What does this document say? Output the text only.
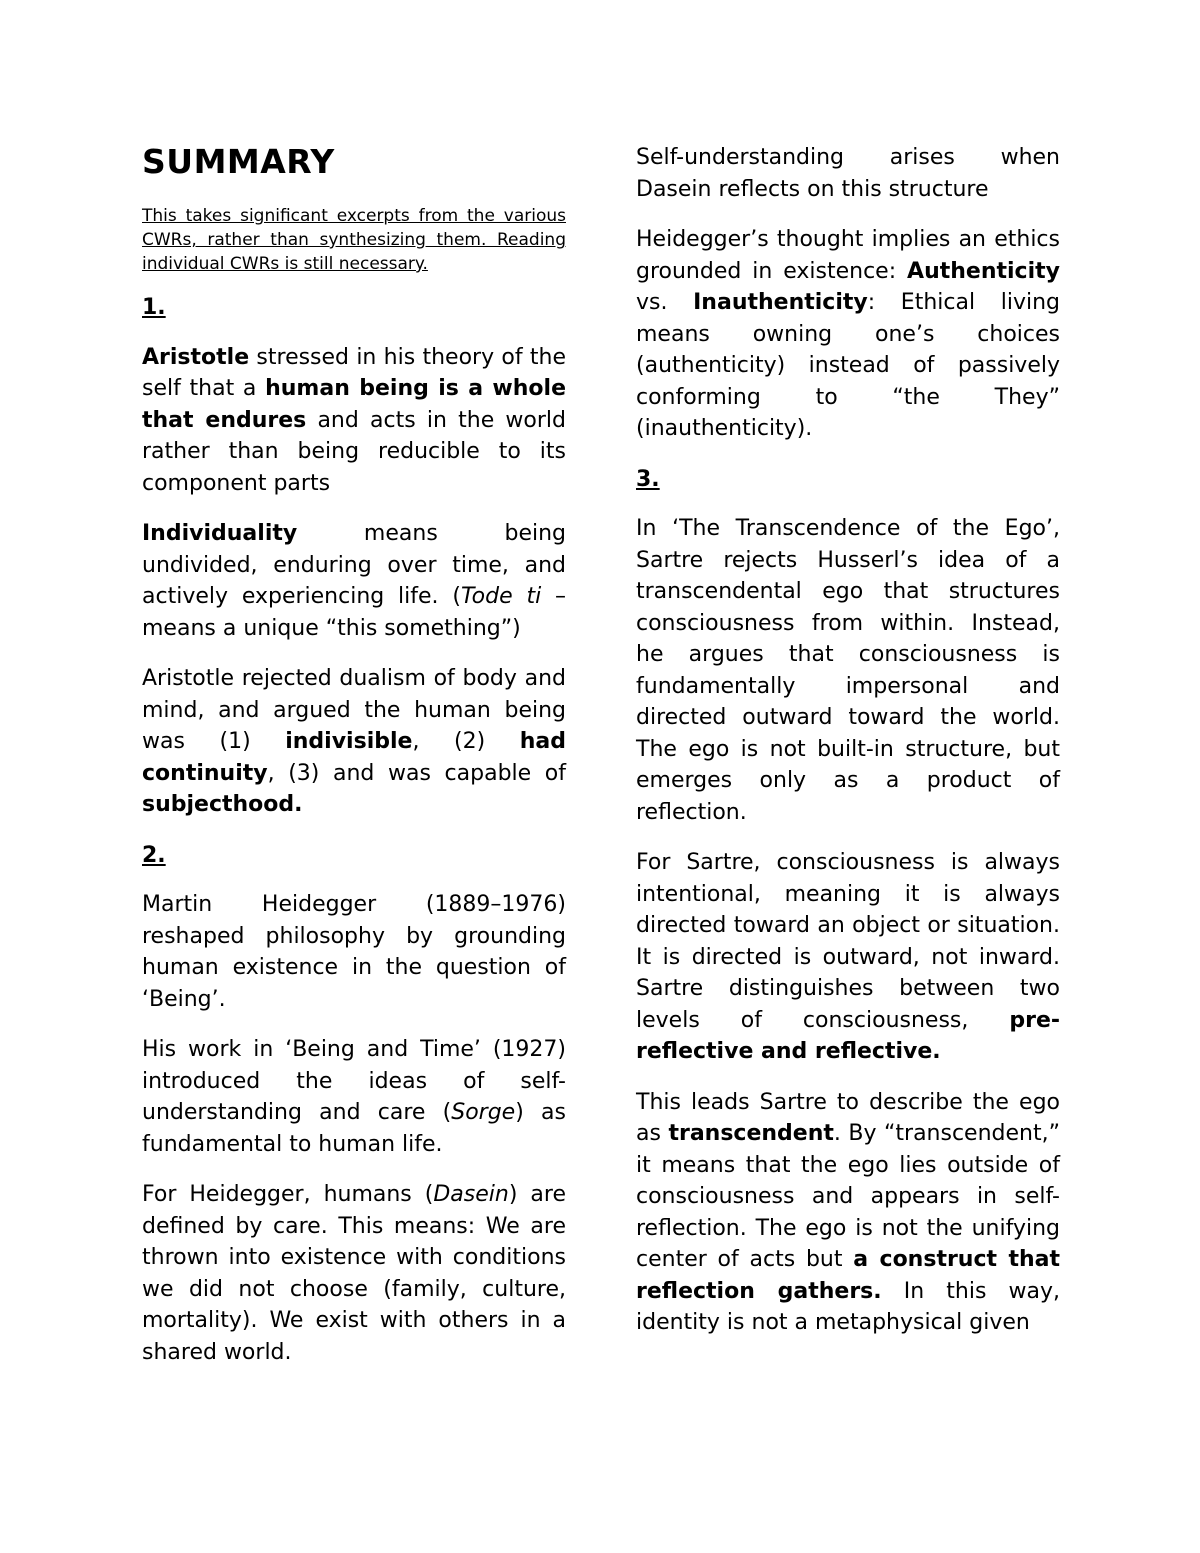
SUMMARY
This takes significant excerpts from the various CWRs, rather than synthesizing them. Reading individual CWRs is still necessary.
1.

Aristotle stressed in his theory of the self that a human being is a whole that endures and acts in the world rather than being reducible to its component parts

Individuality means being undivided, enduring over time, and actively experiencing life. (Tode ti – means a unique “this something”)

Aristotle rejected dualism of body and mind, and argued the human being was (1) indivisible, (2) had continuity, (3) and was capable of subjecthood.

2.

Martin Heidegger (1889–1976) reshaped philosophy by grounding human existence in the question of ‘Being’.

His work in ‘Being and Time’ (1927) introduced the ideas of self-understanding and care (Sorge) as fundamental to human life.

For Heidegger, humans (Dasein) are defined by care. This means: We are thrown into existence with conditions we did not choose (family, culture, mortality). We exist with others in a shared world.

Self-understanding arises when Dasein reflects on this structure

Heidegger’s thought implies an ethics grounded in existence: Authenticity vs. Inauthenticity: Ethical living means owning one’s choices (authenticity) instead of passively conforming to “the They” (inauthenticity).

3.

In ‘The Transcendence of the Ego’, Sartre rejects Husserl’s idea of a transcendental ego that structures consciousness from within. Instead, he argues that consciousness is fundamentally impersonal and directed outward toward the world. The ego is not built-in structure, but emerges only as a product of reflection.

For Sartre, consciousness is always intentional, meaning it is always directed toward an object or situation. It is directed is outward, not inward. Sartre distinguishes between two levels of consciousness, pre-reflective and reflective.

This leads Sartre to describe the ego as transcendent. By “transcendent,” it means that the ego lies outside of consciousness and appears in self-reflection. The ego is not the unifying center of acts but a construct that reflection gathers. In this way, identity is not a metaphysical given
